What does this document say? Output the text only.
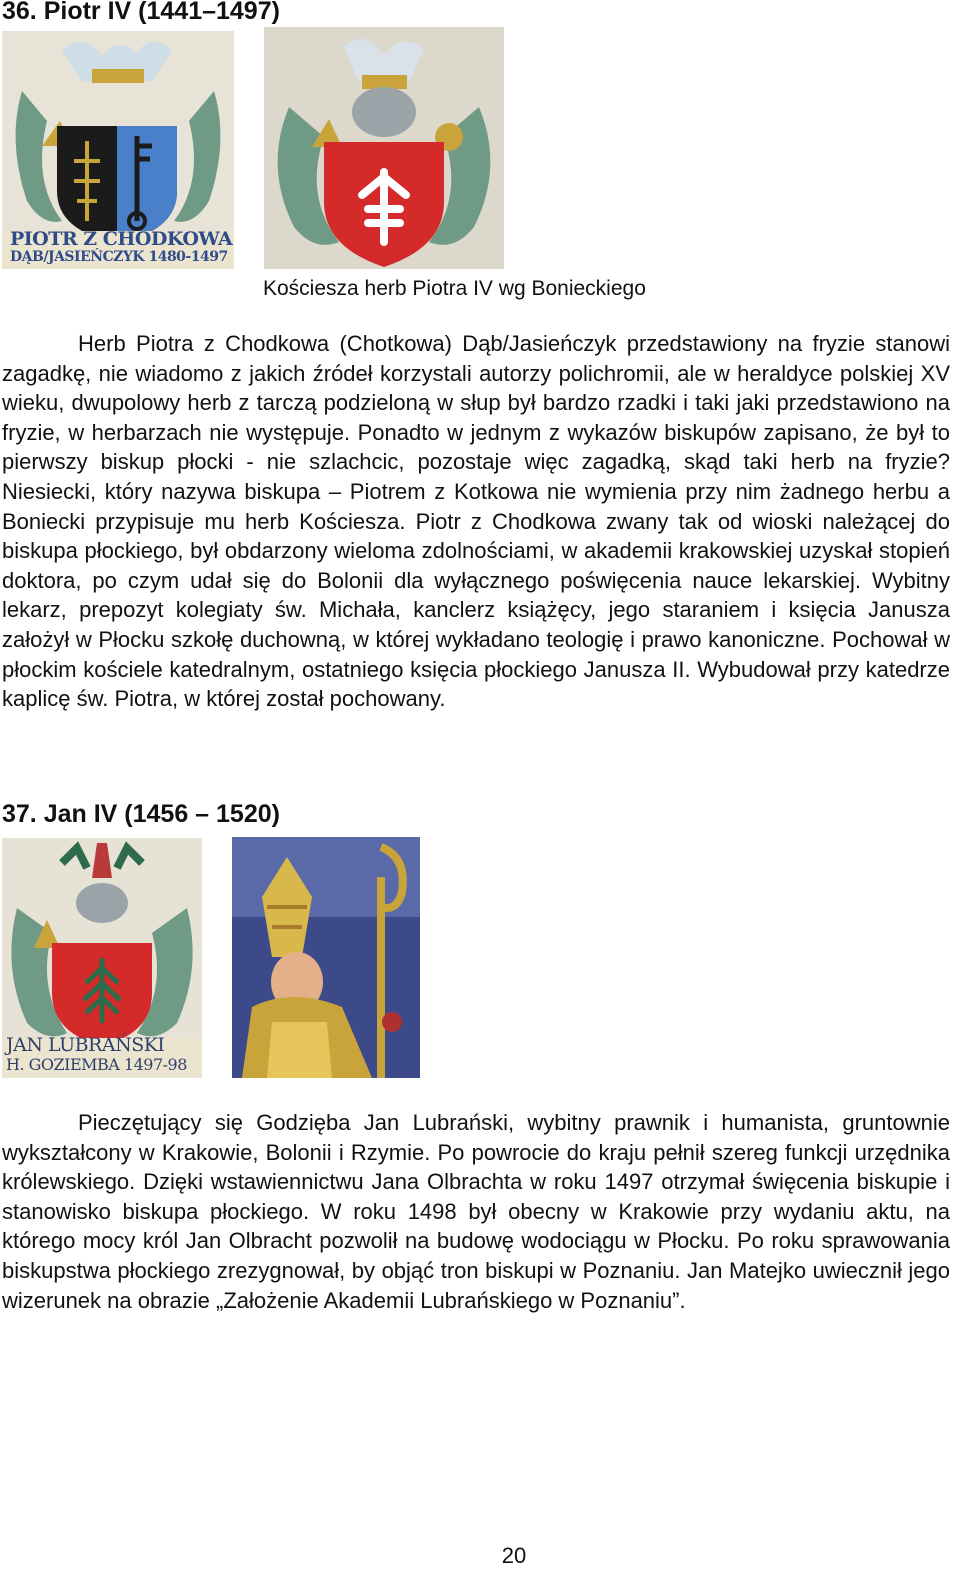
36. Piotr IV (1441–1497)
PIOTR Z CHODKOWA
DĄB/JASIEŃCZYK 1480-1497
Kościesza herb Piotra IV wg Bonieckiego

Herb Piotra z Chodkowa (Chotkowa) Dąb/Jasieńczyk przedstawiony na fryzie stanowi zagadkę, nie wiadomo z jakich źródeł korzystali autorzy polichromii, ale w heraldyce polskiej XV wieku, dwupolowy herb z tarczą podzieloną w słup był bardzo rzadki i taki jaki przedstawiono na fryzie, w herbarzach nie występuje. Ponadto w jednym z wykazów biskupów zapisano, że był to pierwszy biskup płocki - nie szlachcic, pozostaje więc zagadką, skąd taki herb na fryzie? Niesiecki, który nazywa biskupa – Piotrem z Kotkowa nie wymienia przy nim żadnego herbu a Boniecki przypisuje mu herb Kościesza. Piotr z Chodkowa zwany tak od wioski należącej do biskupa płockiego, był obdarzony wieloma zdolnościami, w akademii krakowskiej uzyskał stopień doktora, po czym udał się do Bolonii dla wyłącznego poświęcenia nauce lekarskiej. Wybitny lekarz, prepozyt kolegiaty św. Michała, kanclerz książęcy, jego staraniem i księcia Janusza założył w Płocku szkołę duchowną, w której wykładano teologię i prawo kanoniczne. Pochował w płockim kościele katedralnym, ostatniego księcia płockiego Janusza II. Wybudował przy katedrze kaplicę św. Piotra, w której został pochowany.

37. Jan IV (1456 – 1520)
JAN LUBRAŃSKI
H. GOZIEMBA 1497-98

Pieczętujący się Godzięba Jan Lubrański, wybitny prawnik i humanista, gruntownie wykształcony w Krakowie, Bolonii i Rzymie. Po powrocie do kraju pełnił szereg funkcji urzędnika królewskiego. Dzięki wstawiennictwu Jana Olbrachta w roku 1497 otrzymał święcenia biskupie i stanowisko biskupa płockiego. W roku 1498 był obecny w Krakowie przy wydaniu aktu, na którego mocy król Jan Olbracht pozwolił na budowę wodociągu w Płocku. Po roku sprawowania biskupstwa płockiego zrezygnował, by objąć tron biskupi w Poznaniu. Jan Matejko uwiecznił jego wizerunek na obrazie „Założenie Akademii Lubrańskiego w Poznaniu”.

20
